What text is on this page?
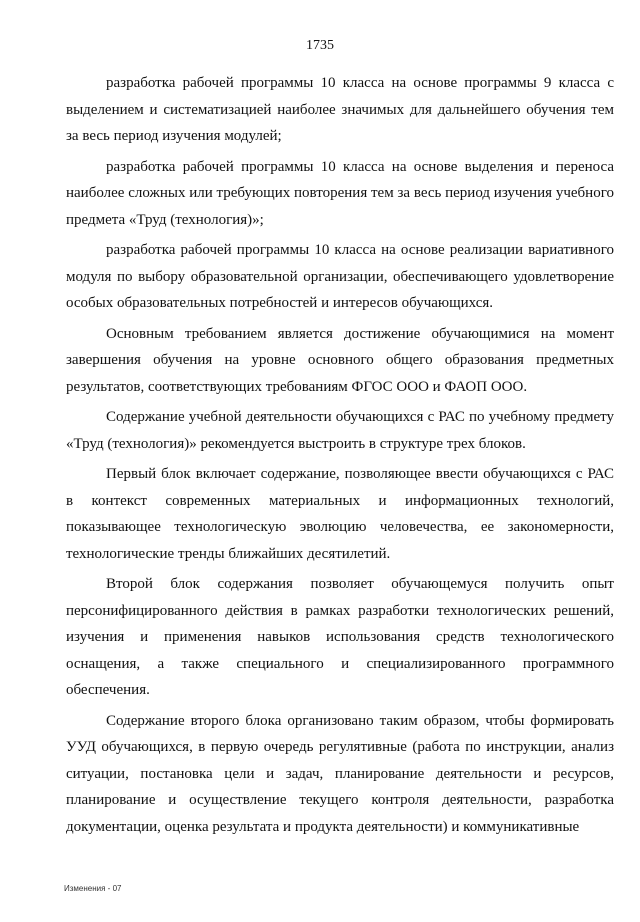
1735

разработка рабочей программы 10 класса на основе программы 9 класса с выделением и систематизацией наиболее значимых для дальнейшего обучения тем за весь период изучения модулей;

разработка рабочей программы 10 класса на основе выделения и переноса наиболее сложных или требующих повторения тем за весь период изучения учебного предмета «Труд (технология)»;

разработка рабочей программы 10 класса на основе реализации вариативного модуля по выбору образовательной организации, обеспечивающего удовлетворение особых образовательных потребностей и интересов обучающихся.

Основным требованием является достижение обучающимися на момент завершения обучения на уровне основного общего образования предметных результатов, соответствующих требованиям ФГОС ООО и ФАОП ООО.

Содержание учебной деятельности обучающихся с РАС по учебному предмету «Труд (технология)» рекомендуется выстроить в структуре трех блоков.

Первый блок включает содержание, позволяющее ввести обучающихся с РАС в контекст современных материальных и информационных технологий, показывающее технологическую эволюцию человечества, ее закономерности, технологические тренды ближайших десятилетий.

Второй блок содержания позволяет обучающемуся получить опыт персонифицированного действия в рамках разработки технологических решений, изучения и применения навыков использования средств технологического оснащения, а также специального и специализированного программного обеспечения.

Содержание второго блока организовано таким образом, чтобы формировать УУД обучающихся, в первую очередь регулятивные (работа по инструкции, анализ ситуации, постановка цели и задач, планирование деятельности и ресурсов, планирование и осуществление текущего контроля деятельности, разработка документации, оценка результата и продукта деятельности) и коммуникативные

Изменения - 07
